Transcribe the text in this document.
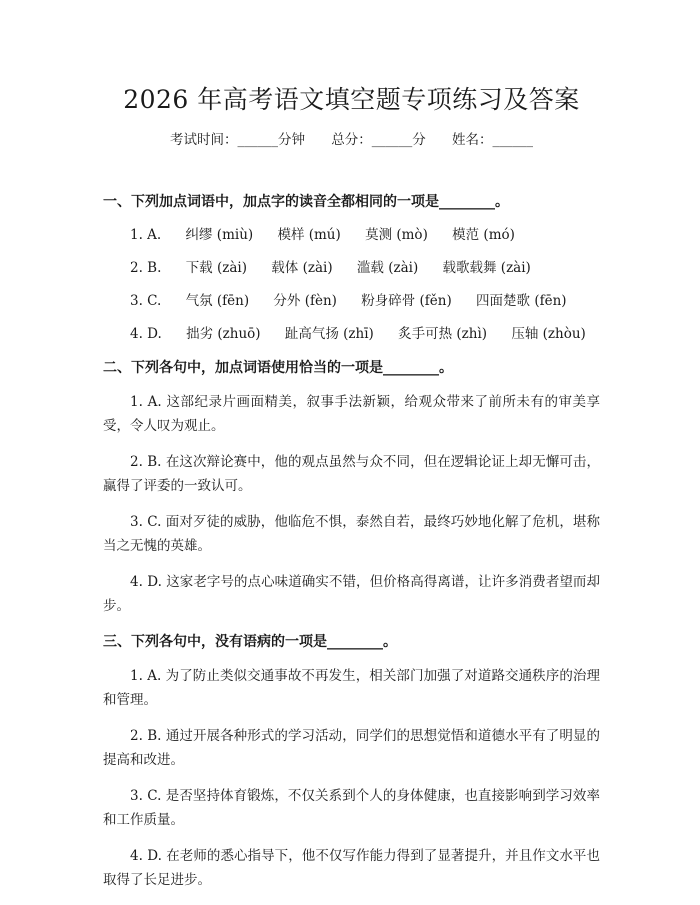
2026 年高考语文填空题专项练习及答案
考试时间：______分钟 总分：______分 姓名：______
一、下列加点词语中，加点字的读音全都相同的一项是________。
1. A. 纠缪 (miù) 模样 (mú) 莫测 (mò) 模范 (mó)
2. B. 下载 (zài) 载体 (zài) 滥载 (zài) 载歌载舞 (zài)
3. C. 气氛 (fēn) 分外 (fèn) 粉身碎骨 (fěn) 四面楚歌 (fēn)
4. D. 拙劣 (zhuō) 趾高气扬 (zhī) 炙手可热 (zhì) 压轴 (zhòu)
二、下列各句中，加点词语使用恰当的一项是________。

1. A. 这部纪录片画面精美，叙事手法新颖，给观众带来了前所未有的审美享受，令人叹为观止。

2. B. 在这次辩论赛中，他的观点虽然与众不同，但在逻辑论证上却无懈可击，赢得了评委的一致认可。

3. C. 面对歹徒的威胁，他临危不惧，泰然自若，最终巧妙地化解了危机，堪称当之无愧的英雄。

4. D. 这家老字号的点心味道确实不错，但价格高得离谱，让许多消费者望而却步。

三、下列各句中，没有语病的一项是________。

1. A. 为了防止类似交通事故不再发生，相关部门加强了对道路交通秩序的治理和管理。

2. B. 通过开展各种形式的学习活动，同学们的思想觉悟和道德水平有了明显的提高和改进。

3. C. 是否坚持体育锻炼，不仅关系到个人的身体健康，也直接影响到学习效率和工作质量。

4. D. 在老师的悉心指导下，他不仅写作能力得到了显著提升，并且作文水平也取得了长足进步。
